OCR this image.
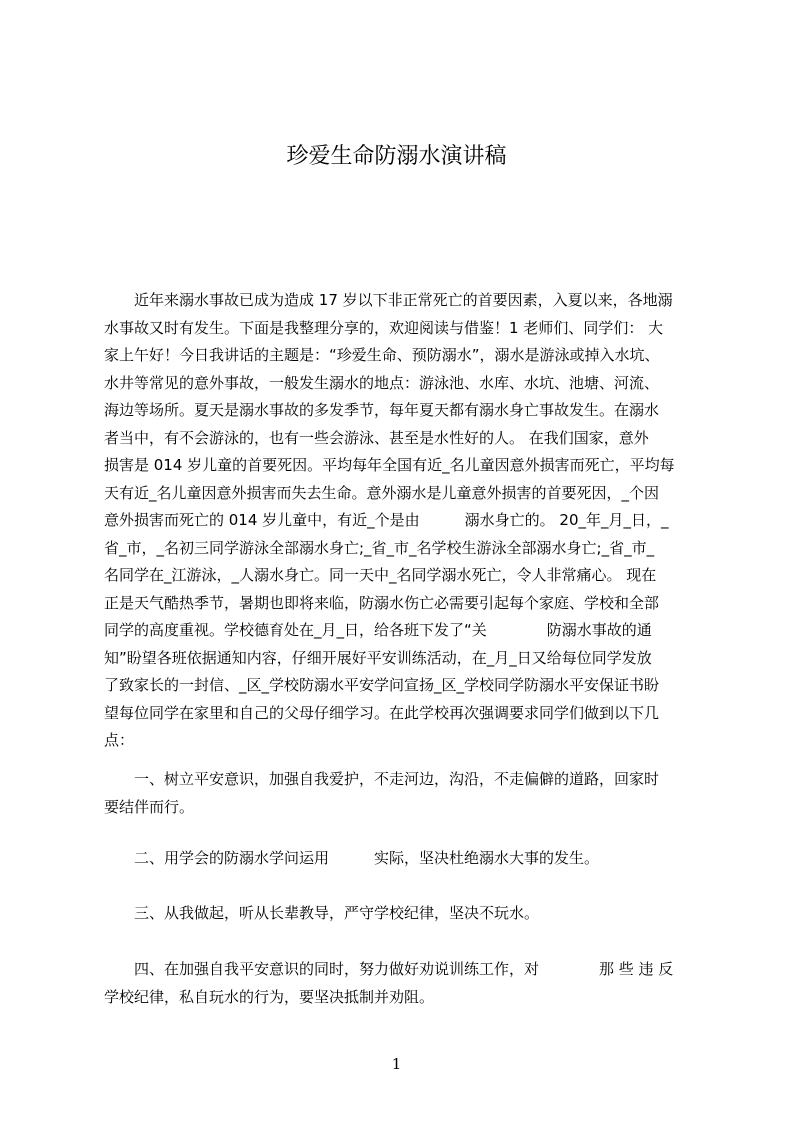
珍爱生命防溺水演讲稿
　　近年来溺水事故已成为造成 17 岁以下非正常死亡的首要因素，入夏以来，各地溺
水事故又时有发生。下面是我整理分享的，欢迎阅读与借鉴！1 老师们、同学们： 大
家上午好！今日我讲话的主题是：“珍爱生命、预防溺水”，溺水是游泳或掉入水坑、
水井等常见的意外事故，一般发生溺水的地点：游泳池、水库、水坑、池塘、河流、
海边等场所。夏天是溺水事故的多发季节，每年夏天都有溺水身亡事故发生。在溺水
者当中，有不会游泳的，也有一些会游泳、甚至是水性好的人。 在我们国家，意外
损害是 014 岁儿童的首要死因。平均每年全国有近_名儿童因意外损害而死亡，平均每
天有近_名儿童因意外损害而失去生命。意外溺水是儿童意外损害的首要死因，_个因
意外损害而死亡的 014 岁儿童中，有近_个是由　　　溺水身亡的。 20_年_月_日，_
省_市，_名初三同学游泳全部溺水身亡;_省_市_名学校生游泳全部溺水身亡;_省_市_
名同学在_江游泳，_人溺水身亡。同一天中_名同学溺水死亡，令人非常痛心。 现在
正是天气酷热季节，暑期也即将来临，防溺水伤亡必需要引起每个家庭、学校和全部
同学的高度重视。学校德育处在_月_日，给各班下发了“关　　　　防溺水事故的通
知”盼望各班依据通知内容，仔细开展好平安训练活动，在_月_日又给每位同学发放
了致家长的一封信、_区_学校防溺水平安学问宣扬_区_学校同学防溺水平安保证书盼
望每位同学在家里和自己的父母仔细学习。在此学校再次强调要求同学们做到以下几
点：
　　一、树立平安意识，加强自我爱护，不走河边，沟沿，不走偏僻的道路，回家时
要结伴而行。
　　二、用学会的防溺水学问运用　　　实际，坚决杜绝溺水大事的发生。
　　三、从我做起，听从长辈教导，严守学校纪律，坚决不玩水。
　　四、在加强自我平安意识的同时，努力做好劝说训练工作，对　　　　那 些 违 反
学校纪律，私自玩水的行为，要坚决抵制并劝阻。
1
